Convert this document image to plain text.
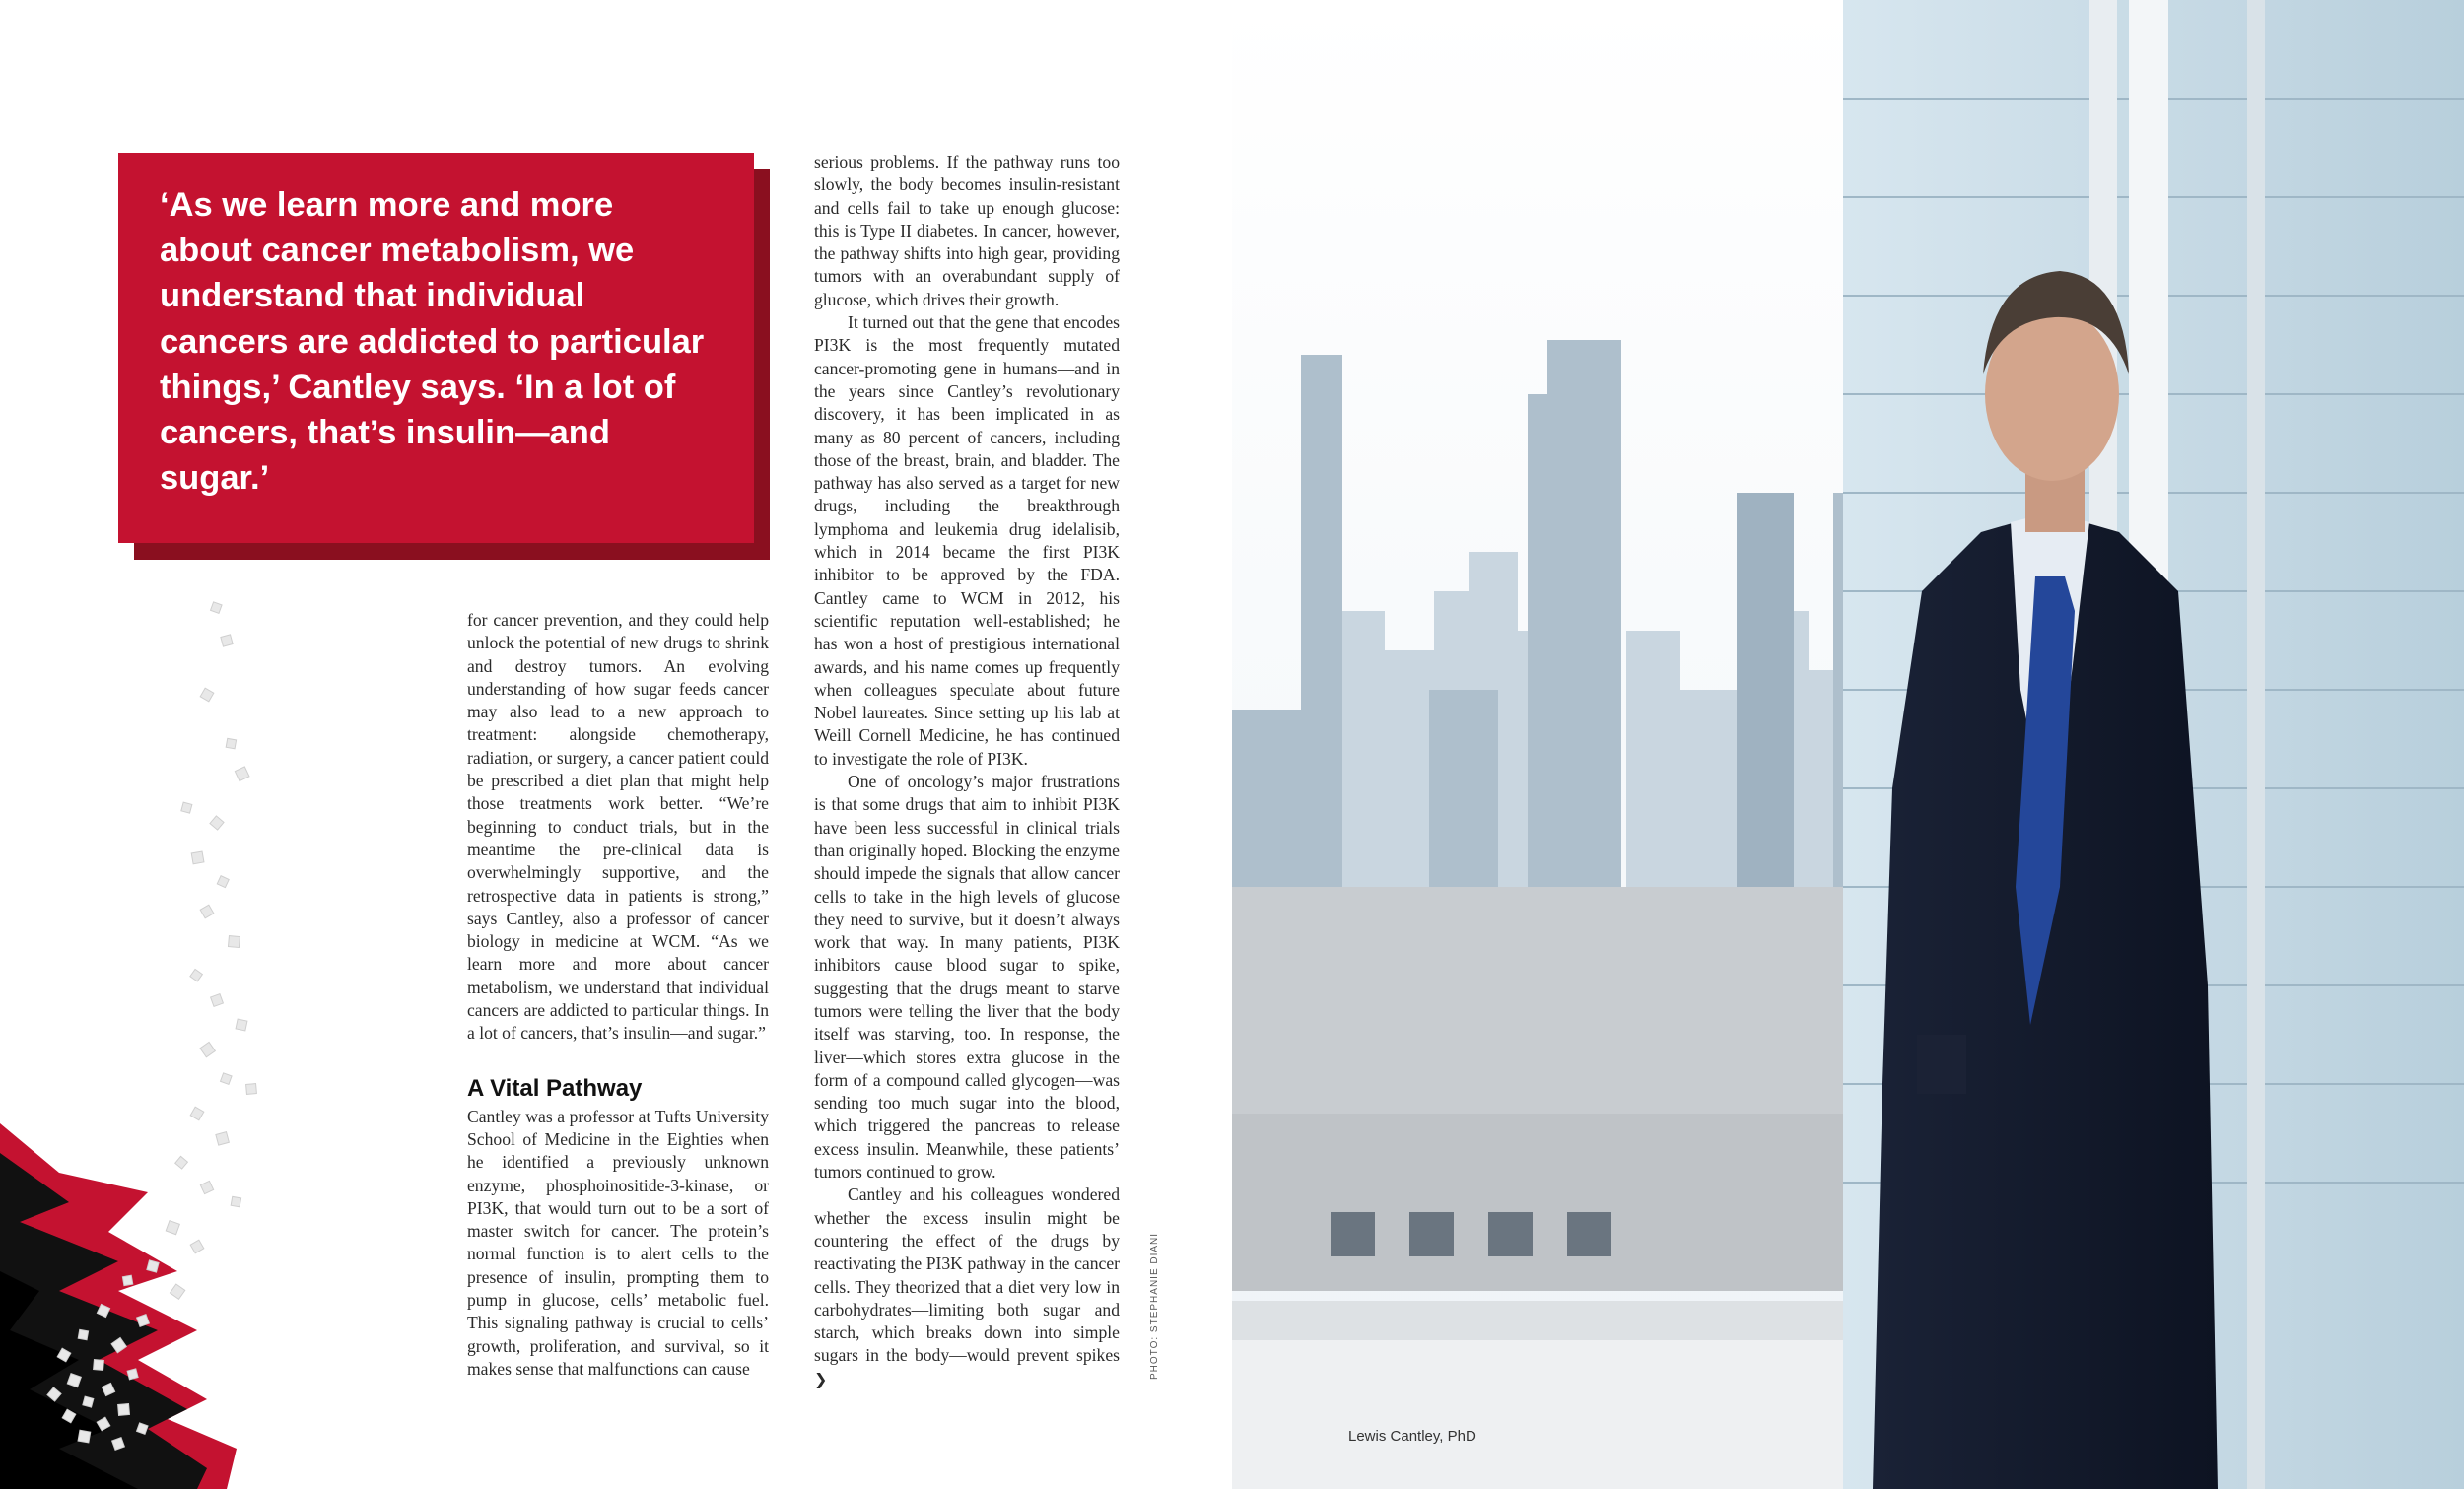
‘As we learn more and more about cancer metabolism, we understand that individual cancers are addicted to particular things,’ Cantley says. ‘In a lot of cancers, that’s insulin—and sugar.’

for cancer prevention, and they could help unlock the potential of new drugs to shrink and destroy tumors. An evolving understanding of how sugar feeds cancer may also lead to a new approach to treatment: alongside chemotherapy, radiation, or surgery, a cancer patient could be prescribed a diet plan that might help those treatments work better. “We’re beginning to conduct trials, but in the meantime the pre-clinical data is overwhelmingly supportive, and the retrospective data in patients is strong,” says Cantley, also a professor of cancer biology in medicine at WCM. “As we learn more and more about cancer metabolism, we understand that individual cancers are addicted to particular things. In a lot of cancers, that’s insulin—and sugar.”

A Vital Pathway

Cantley was a professor at Tufts University School of Medicine in the Eighties when he identified a previously unknown enzyme, phosphoinositide-3-kinase, or PI3K, that would turn out to be a sort of master switch for cancer. The protein’s normal function is to alert cells to the presence of insulin, prompting them to pump in glucose, cells’ metabolic fuel. This signaling pathway is crucial to cells’ growth, proliferation, and survival, so it makes sense that malfunctions can cause

serious problems. If the pathway runs too slowly, the body becomes insulin-resistant and cells fail to take up enough glucose: this is Type II diabetes. In cancer, however, the pathway shifts into high gear, providing tumors with an overabundant supply of glucose, which drives their growth.

It turned out that the gene that encodes PI3K is the most frequently mutated cancer-promoting gene in humans—and in the years since Cantley’s revolutionary discovery, it has been implicated in as many as 80 percent of cancers, including those of the breast, brain, and bladder. The pathway has also served as a target for new drugs, including the breakthrough lymphoma and leukemia drug idelalisib, which in 2014 became the first PI3K inhibitor to be approved by the FDA. Cantley came to WCM in 2012, his scientific reputation well-established; he has won a host of prestigious international awards, and his name comes up frequently when colleagues speculate about future Nobel laureates. Since setting up his lab at Weill Cornell Medicine, he has continued to investigate the role of PI3K.

One of oncology’s major frustrations is that some drugs that aim to inhibit PI3K have been less successful in clinical trials than originally hoped. Blocking the enzyme should impede the signals that allow cancer cells to take in the high levels of glucose they need to survive, but it doesn’t always work that way. In many patients, PI3K inhibitors cause blood sugar to spike, suggesting that the drugs meant to starve tumors were telling the liver that the body itself was starving, too. In response, the liver—which stores extra glucose in the form of a compound called glycogen—was sending too much sugar into the blood, which triggered the pancreas to release excess insulin. Meanwhile, these patients’ tumors continued to grow.

Cantley and his colleagues wondered whether the excess insulin might be countering the effect of the drugs by reactivating the PI3K pathway in the cancer cells. They theorized that a diet very low in carbohydrates—limiting both sugar and starch, which breaks down into simple sugars in the body—would prevent spikes ❯	PHOTO: STEPHANIE DIANI
Lewis Cantley, PhD
